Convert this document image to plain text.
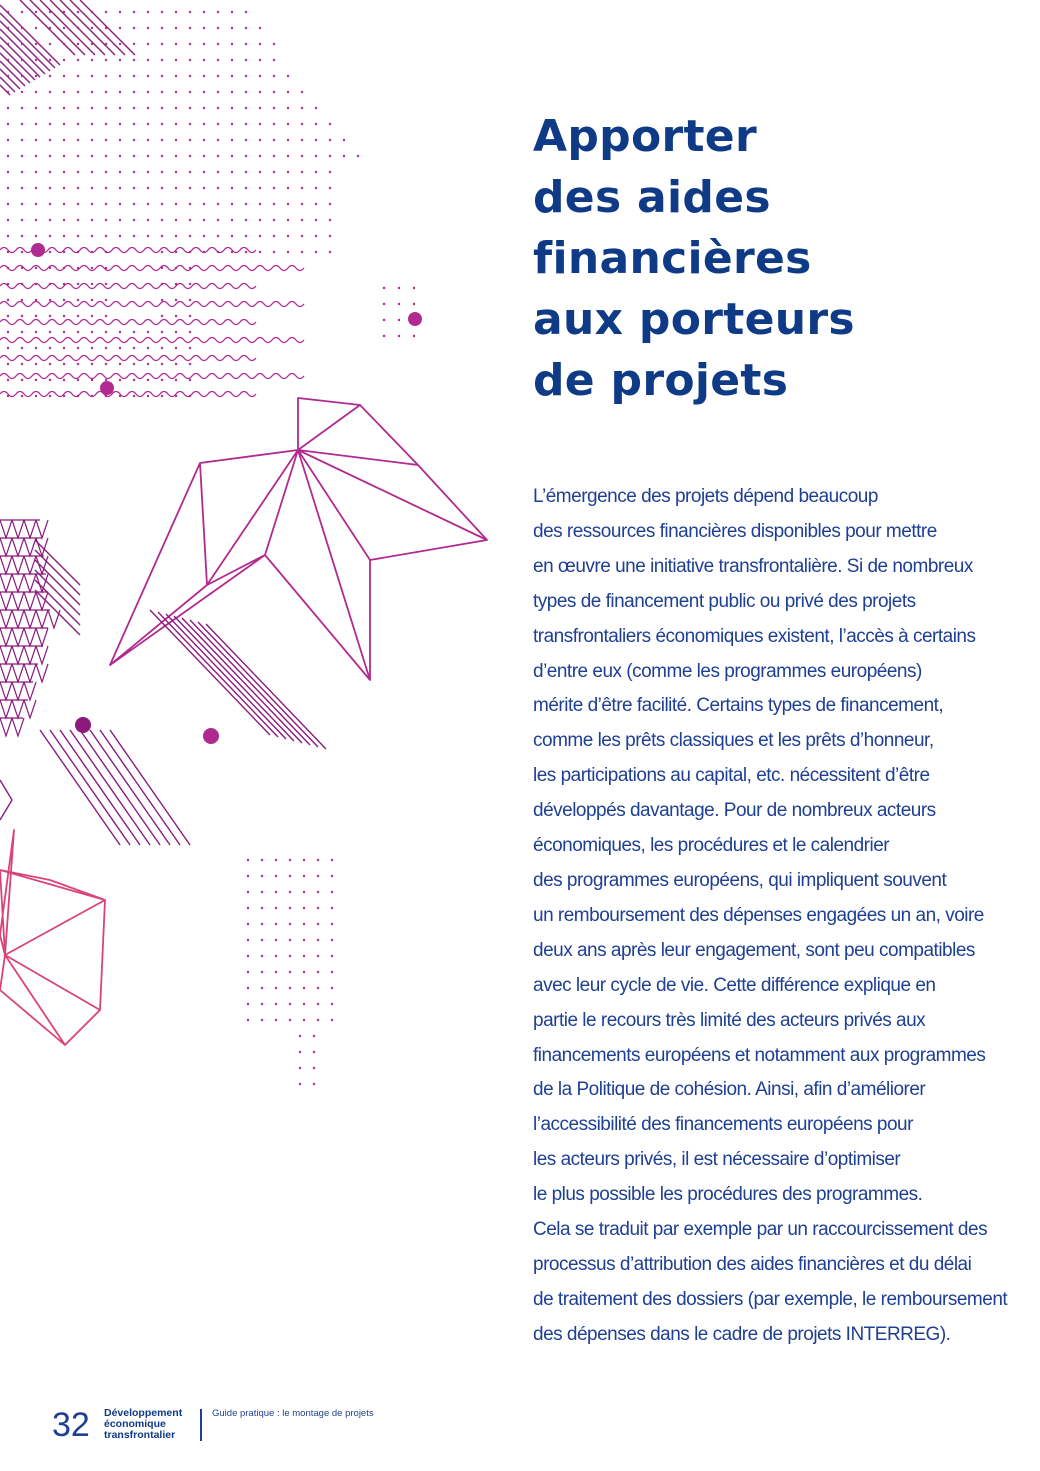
Apporter
des aides
financières
aux porteurs
de projets
L’émergence des projets dépend beaucoup
des ressources financières disponibles pour mettre
en œuvre une initiative transfrontalière. Si de nombreux
types de financement public ou privé des projets
transfrontaliers économiques existent, l’accès à certains
d’entre eux (comme les programmes européens)
mérite d’être facilité. Certains types de financement,
comme les prêts classiques et les prêts d’honneur,
les participations au capital, etc. nécessitent d’être
développés davantage. Pour de nombreux acteurs
économiques, les procédures et le calendrier
des programmes européens, qui impliquent souvent
un remboursement des dépenses engagées un an, voire
deux ans après leur engagement, sont peu compatibles
avec leur cycle de vie. Cette différence explique en
partie le recours très limité des acteurs privés aux
financements européens et notamment aux programmes
de la Politique de cohésion. Ainsi, afin d’améliorer
l’accessibilité des financements européens pour
les acteurs privés, il est nécessaire d’optimiser
le plus possible les procédures des programmes.
Cela se traduit par exemple par un raccourcissement des
processus d’attribution des aides financières et du délai
de traitement des dossiers (par exemple, le remboursement
des dépenses dans le cadre de projets INTERREG).
32 Développement
économique
transfrontalier
Guide pratique : le montage de projets
